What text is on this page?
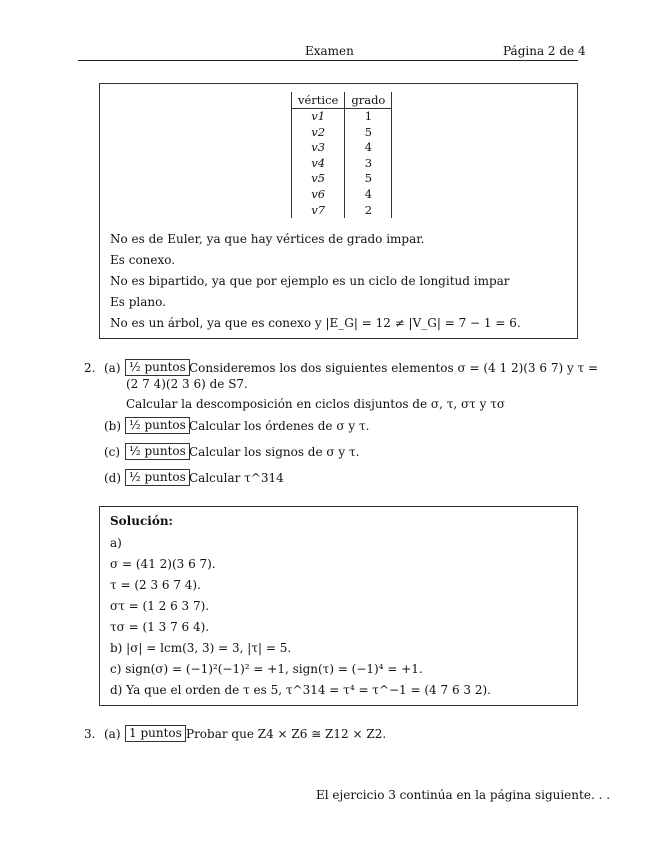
Examen	Página 2 de 4
vértice	grado
v1	1
v2	5
v3	4
v4	3
v5	5
v6	4
v7	2
No es de Euler, ya que hay vértices de grado impar.
Es conexo.
No es bipartido, ya que por ejemplo es un ciclo de longitud impar
Es plano.
No es un árbol, ya que es conexo y |E_G| = 12 ≠ |V_G| = 7 − 1 = 6.
2. (a) ½ puntos Consideremos los dos siguientes elementos σ = (4 1 2)(3 6 7) y τ =
(2 7 4)(2 3 6) de S7.
Calcular la descomposición en ciclos disjuntos de σ, τ, στ y τσ
(b) ½ puntos Calcular los órdenes de σ y τ.
(c) ½ puntos Calcular los signos de σ y τ.
(d) ½ puntos Calcular τ^314
Solución:
a)
σ = (41 2)(3 6 7).
τ = (2 3 6 7 4).
στ = (1 2 6 3 7).
τσ = (1 3 7 6 4).
b) |σ| = lcm(3, 3) = 3, |τ| = 5.
c) sign(σ) = (−1)²(−1)² = +1, sign(τ) = (−1)⁴ = +1.
d) Ya que el orden de τ es 5, τ^314 = τ⁴ = τ^−1 = (4 7 6 3 2).
3. (a) 1 puntos Probar que Z4 × Z6 ≅ Z12 × Z2.
El ejercicio 3 continúa en la página siguiente. . .
